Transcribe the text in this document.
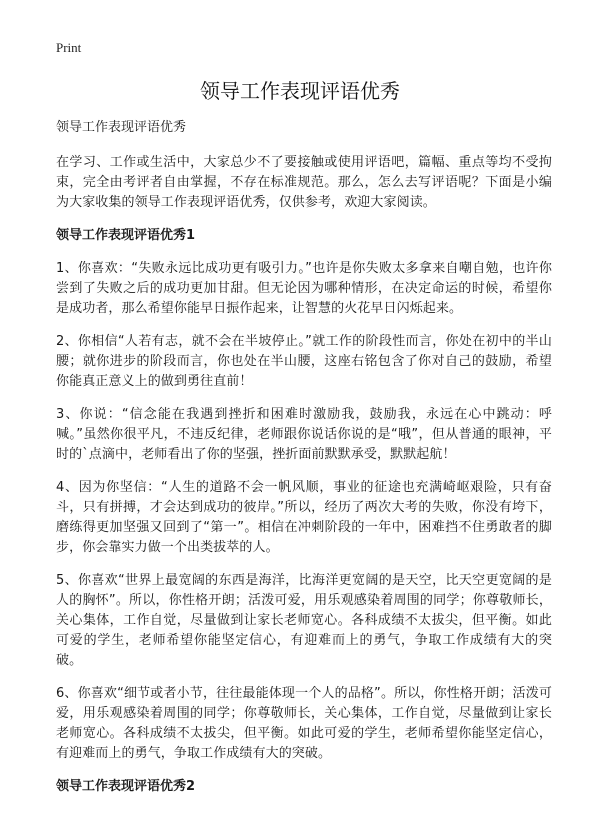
Print
领导工作表现评语优秀
领导工作表现评语优秀

在学习、工作或生活中，大家总少不了要接触或使用评语吧，篇幅、重点等均不受拘束，完全由考评者自由掌握，不存在标准规范。那么，怎么去写评语呢？下面是小编为大家收集的领导工作表现评语优秀，仅供参考，欢迎大家阅读。

领导工作表现评语优秀1

1、你喜欢：“失败永远比成功更有吸引力。”也许是你失败太多拿来自嘲自勉，也许你尝到了失败之后的成功更加甘甜。但无论因为哪种情形，在决定命运的时候，希望你是成功者，那么希望你能早日振作起来，让智慧的火花早日闪烁起来。

2、你相信“人若有志，就不会在半坡停止。”就工作的阶段性而言，你处在初中的半山腰；就你进步的阶段而言，你也处在半山腰，这座右铭包含了你对自己的鼓励，希望你能真正意义上的做到勇往直前！

3、你说：“信念能在我遇到挫折和困难时激励我，鼓励我，永远在心中跳动：呼喊。”虽然你很平凡，不违反纪律，老师跟你说话你说的是“哦”，但从普通的眼神，平时的`点滴中，老师看出了你的坚强，挫折面前默默承受，默默起航！

4、因为你坚信：“人生的道路不会一帆风顺，事业的征途也充满崎岖艰险，只有奋斗，只有拼搏，才会达到成功的彼岸。”所以，经历了两次大考的失败，你没有垮下，磨练得更加坚强又回到了“第一”。相信在冲刺阶段的一年中，困难挡不住勇敢者的脚步，你会靠实力做一个出类拔萃的人。

5、你喜欢“世界上最宽阔的东西是海洋，比海洋更宽阔的是天空，比天空更宽阔的是人的胸怀”。所以，你性格开朗；活泼可爱，用乐观感染着周围的同学；你尊敬师长，关心集体，工作自觉，尽量做到让家长老师宽心。各科成绩不太拔尖，但平衡。如此可爱的学生，老师希望你能坚定信心，有迎难而上的勇气，争取工作成绩有大的突破。

6、你喜欢“细节或者小节，往往最能体现一个人的品格”。所以，你性格开朗；活泼可爱，用乐观感染着周围的同学；你尊敬师长，关心集体，工作自觉，尽量做到让家长老师宽心。各科成绩不太拔尖，但平衡。如此可爱的学生，老师希望你能坚定信心，有迎难而上的勇气，争取工作成绩有大的突破。

领导工作表现评语优秀2
